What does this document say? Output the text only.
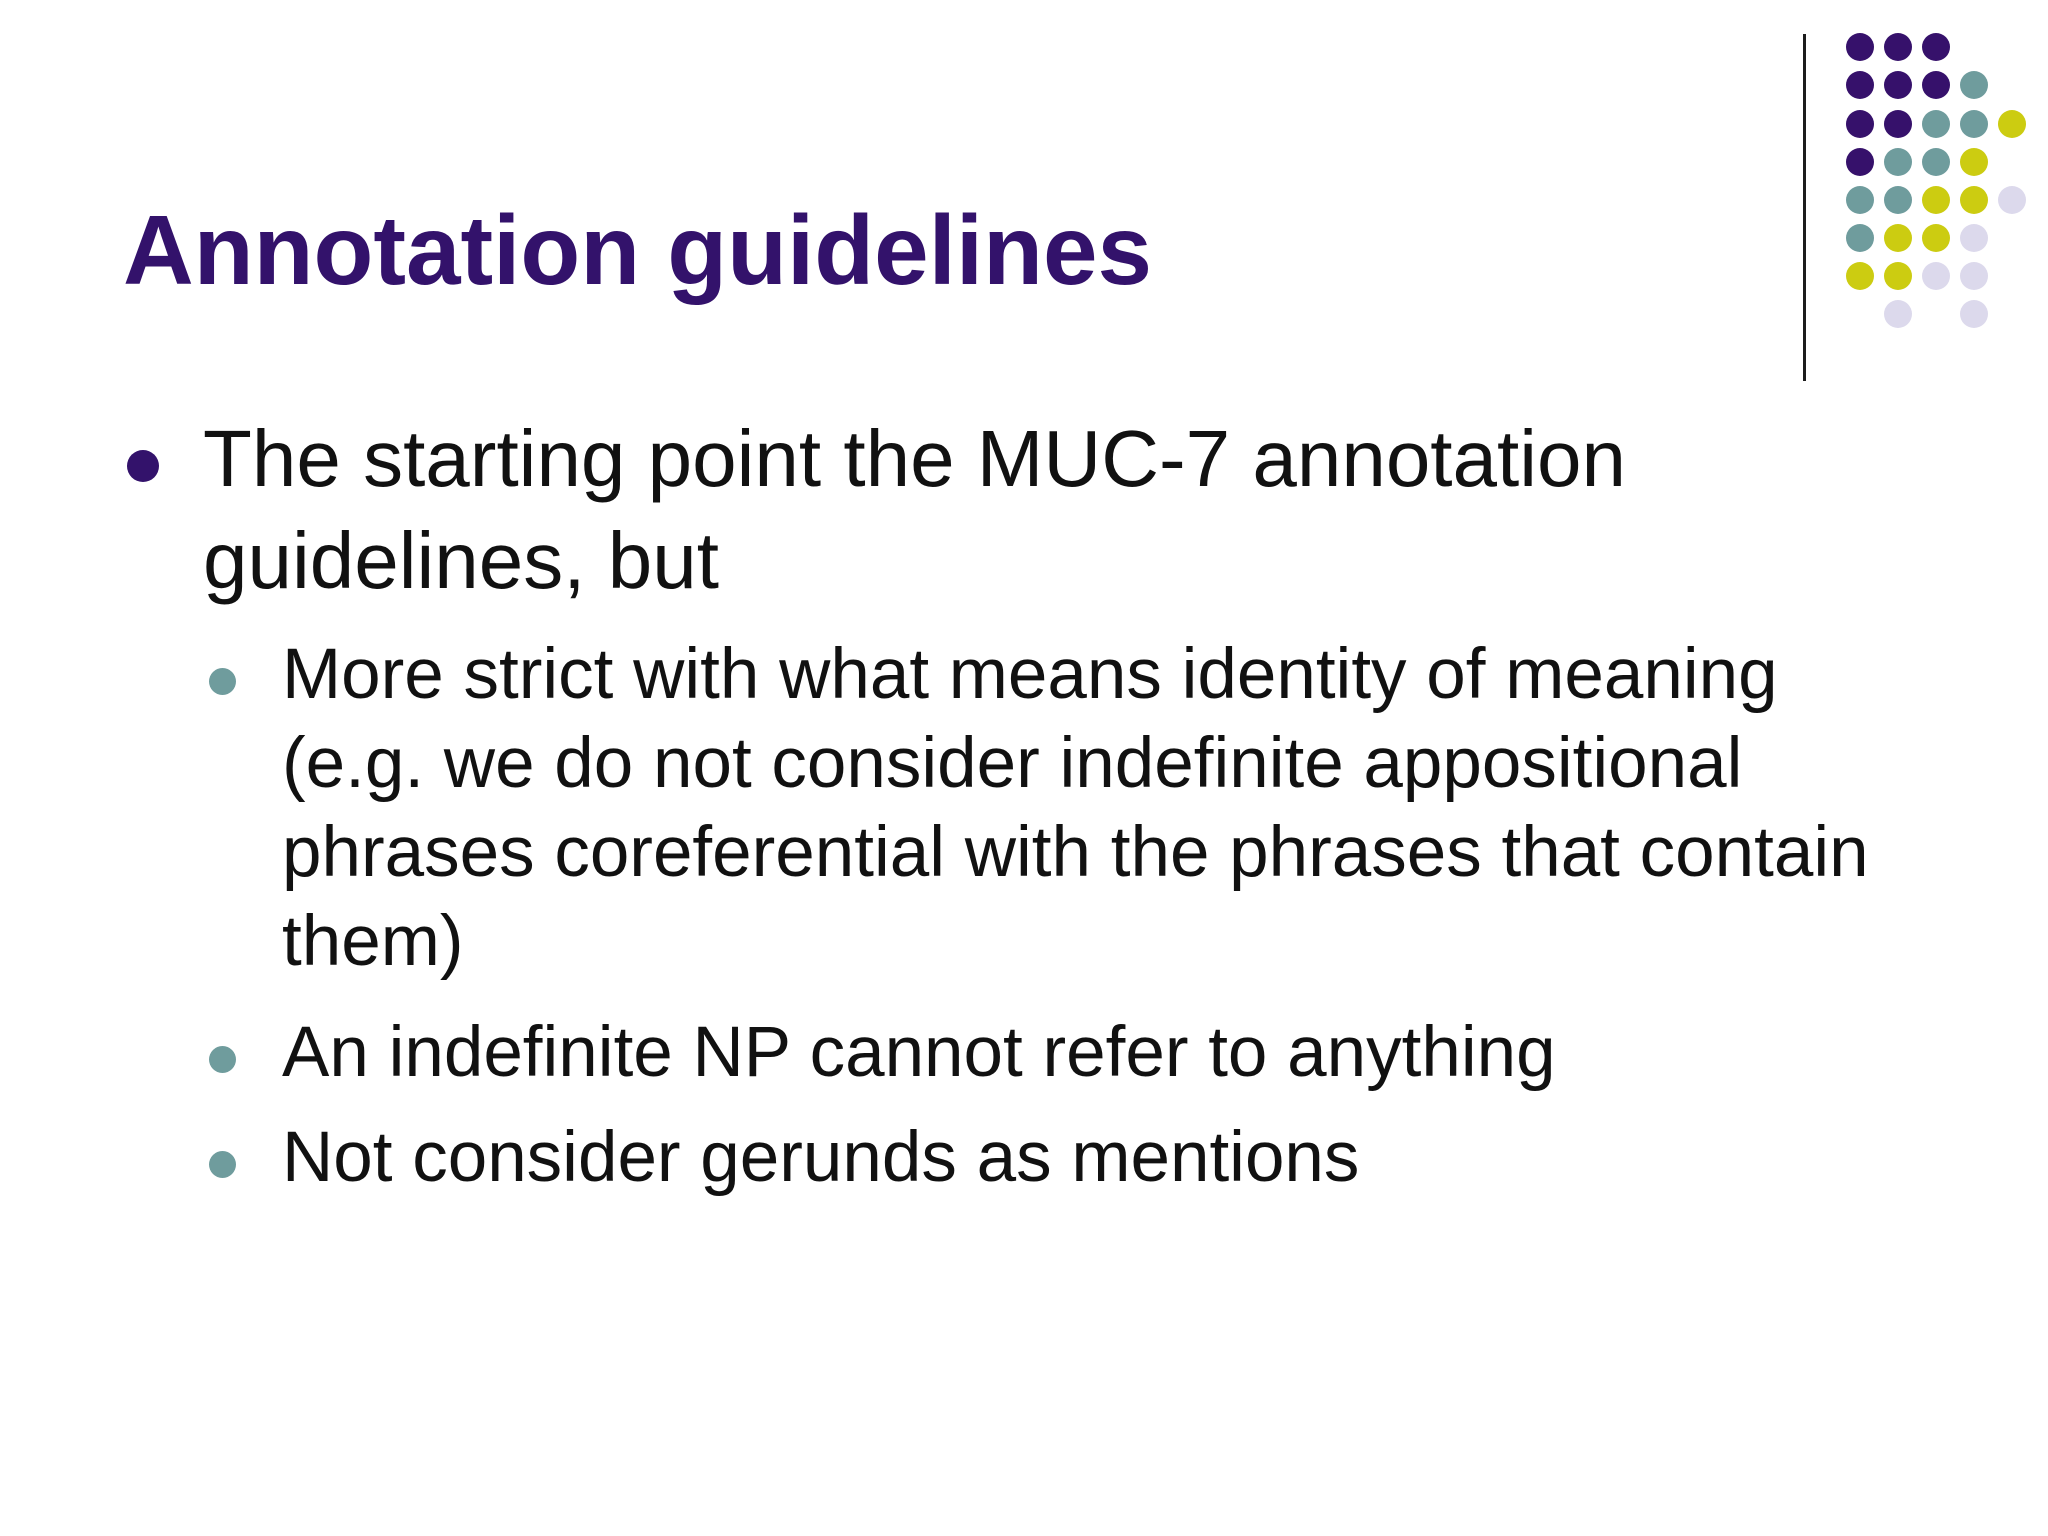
Annotation guidelines
The starting point the MUC-7 annotation guidelines, but
More strict with what means identity of meaning (e.g. we do not consider indefinite appositional phrases coreferential with the phrases that contain them)
An indefinite NP cannot refer to anything
Not consider gerunds as mentions
